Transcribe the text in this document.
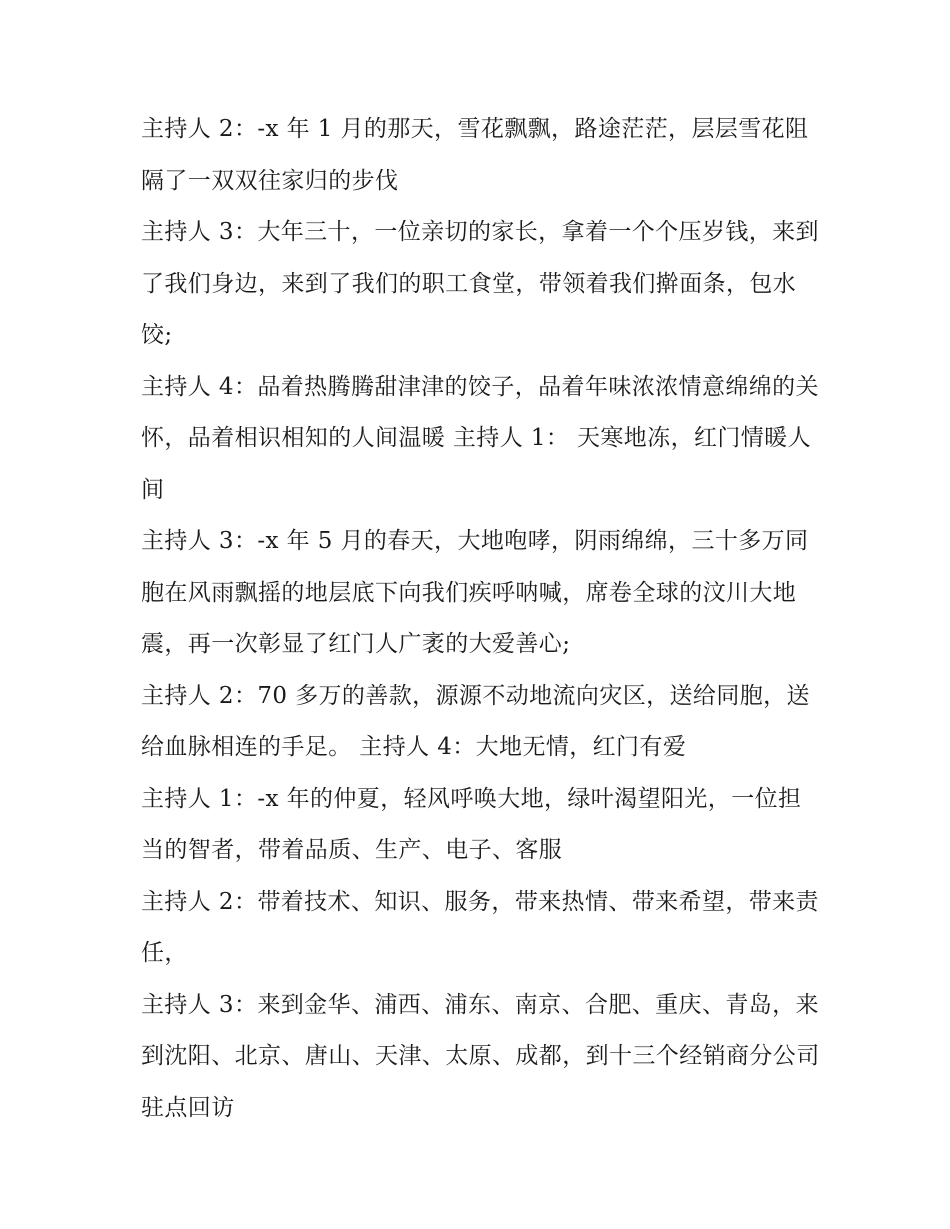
主持人 2：-x 年 1 月的那天，雪花飘飘，路途茫茫，层层雪花阻隔了一双双往家归的步伐

主持人 3：大年三十，一位亲切的家长，拿着一个个压岁钱，来到了我们身边，来到了我们的职工食堂，带领着我们擀面条，包水饺;

主持人 4：品着热腾腾甜津津的饺子，品着年味浓浓情意绵绵的关怀，品着相识相知的人间温暖 主持人 1： 天寒地冻，红门情暖人间

主持人 3：-x 年 5 月的春天，大地咆哮，阴雨绵绵，三十多万同胞在风雨飘摇的地层底下向我们疾呼呐喊，席卷全球的汶川大地震，再一次彰显了红门人广袤的大爱善心;

主持人 2：70 多万的善款，源源不动地流向灾区，送给同胞，送给血脉相连的手足。 主持人 4：大地无情，红门有爱

主持人 1：-x 年的仲夏，轻风呼唤大地，绿叶渴望阳光，一位担当的智者，带着品质、生产、电子、客服

主持人 2：带着技术、知识、服务，带来热情、带来希望，带来责任，

主持人 3：来到金华、浦西、浦东、南京、合肥、重庆、青岛，来到沈阳、北京、唐山、天津、太原、成都，到十三个经销商分公司驻点回访
